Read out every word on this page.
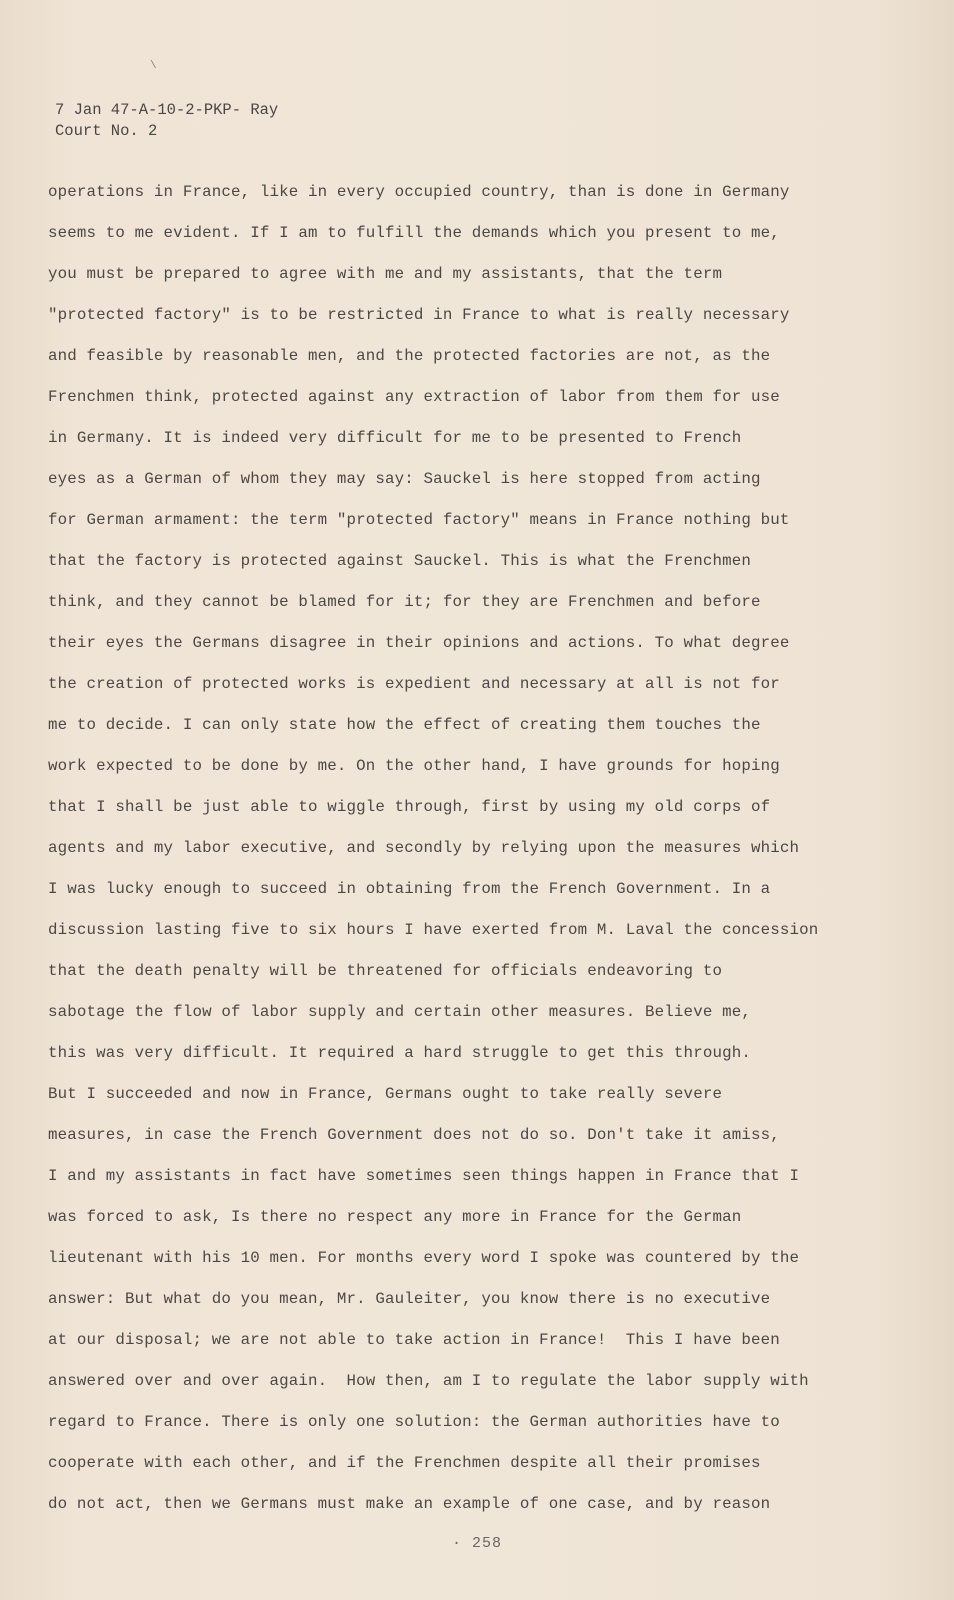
\
7 Jan 47-A-10-2-PKP- Ray
Court No. 2
operations in France, like in every occupied country, than is done in Germany
seems to me evident. If I am to fulfill the demands which you present to me,
you must be prepared to agree with me and my assistants, that the term
"protected factory" is to be restricted in France to what is really necessary
and feasible by reasonable men, and the protected factories are not, as the
Frenchmen think, protected against any extraction of labor from them for use
in Germany. It is indeed very difficult for me to be presented to French
eyes as a German of whom they may say: Sauckel is here stopped from acting
for German armament: the term "protected factory" means in France nothing but
that the factory is protected against Sauckel. This is what the Frenchmen
think, and they cannot be blamed for it; for they are Frenchmen and before
their eyes the Germans disagree in their opinions and actions. To what degree
the creation of protected works is expedient and necessary at all is not for
me to decide. I can only state how the effect of creating them touches the
work expected to be done by me. On the other hand, I have grounds for hoping
that I shall be just able to wiggle through, first by using my old corps of
agents and my labor executive, and secondly by relying upon the measures which
I was lucky enough to succeed in obtaining from the French Government. In a
discussion lasting five to six hours I have exerted from M. Laval the concession
that the death penalty will be threatened for officials endeavoring to
sabotage the flow of labor supply and certain other measures. Believe me,
this was very difficult. It required a hard struggle to get this through.
But I succeeded and now in France, Germans ought to take really severe
measures, in case the French Government does not do so. Don't take it amiss,
I and my assistants in fact have sometimes seen things happen in France that I
was forced to ask, Is there no respect any more in France for the German
lieutenant with his 10 men. For months every word I spoke was countered by the
answer: But what do you mean, Mr. Gauleiter, you know there is no executive
at our disposal; we are not able to take action in France!  This I have been
answered over and over again.  How then, am I to regulate the labor supply with
regard to France. There is only one solution: the German authorities have to
cooperate with each other, and if the Frenchmen despite all their promises
do not act, then we Germans must make an example of one case, and by reason
· 258
